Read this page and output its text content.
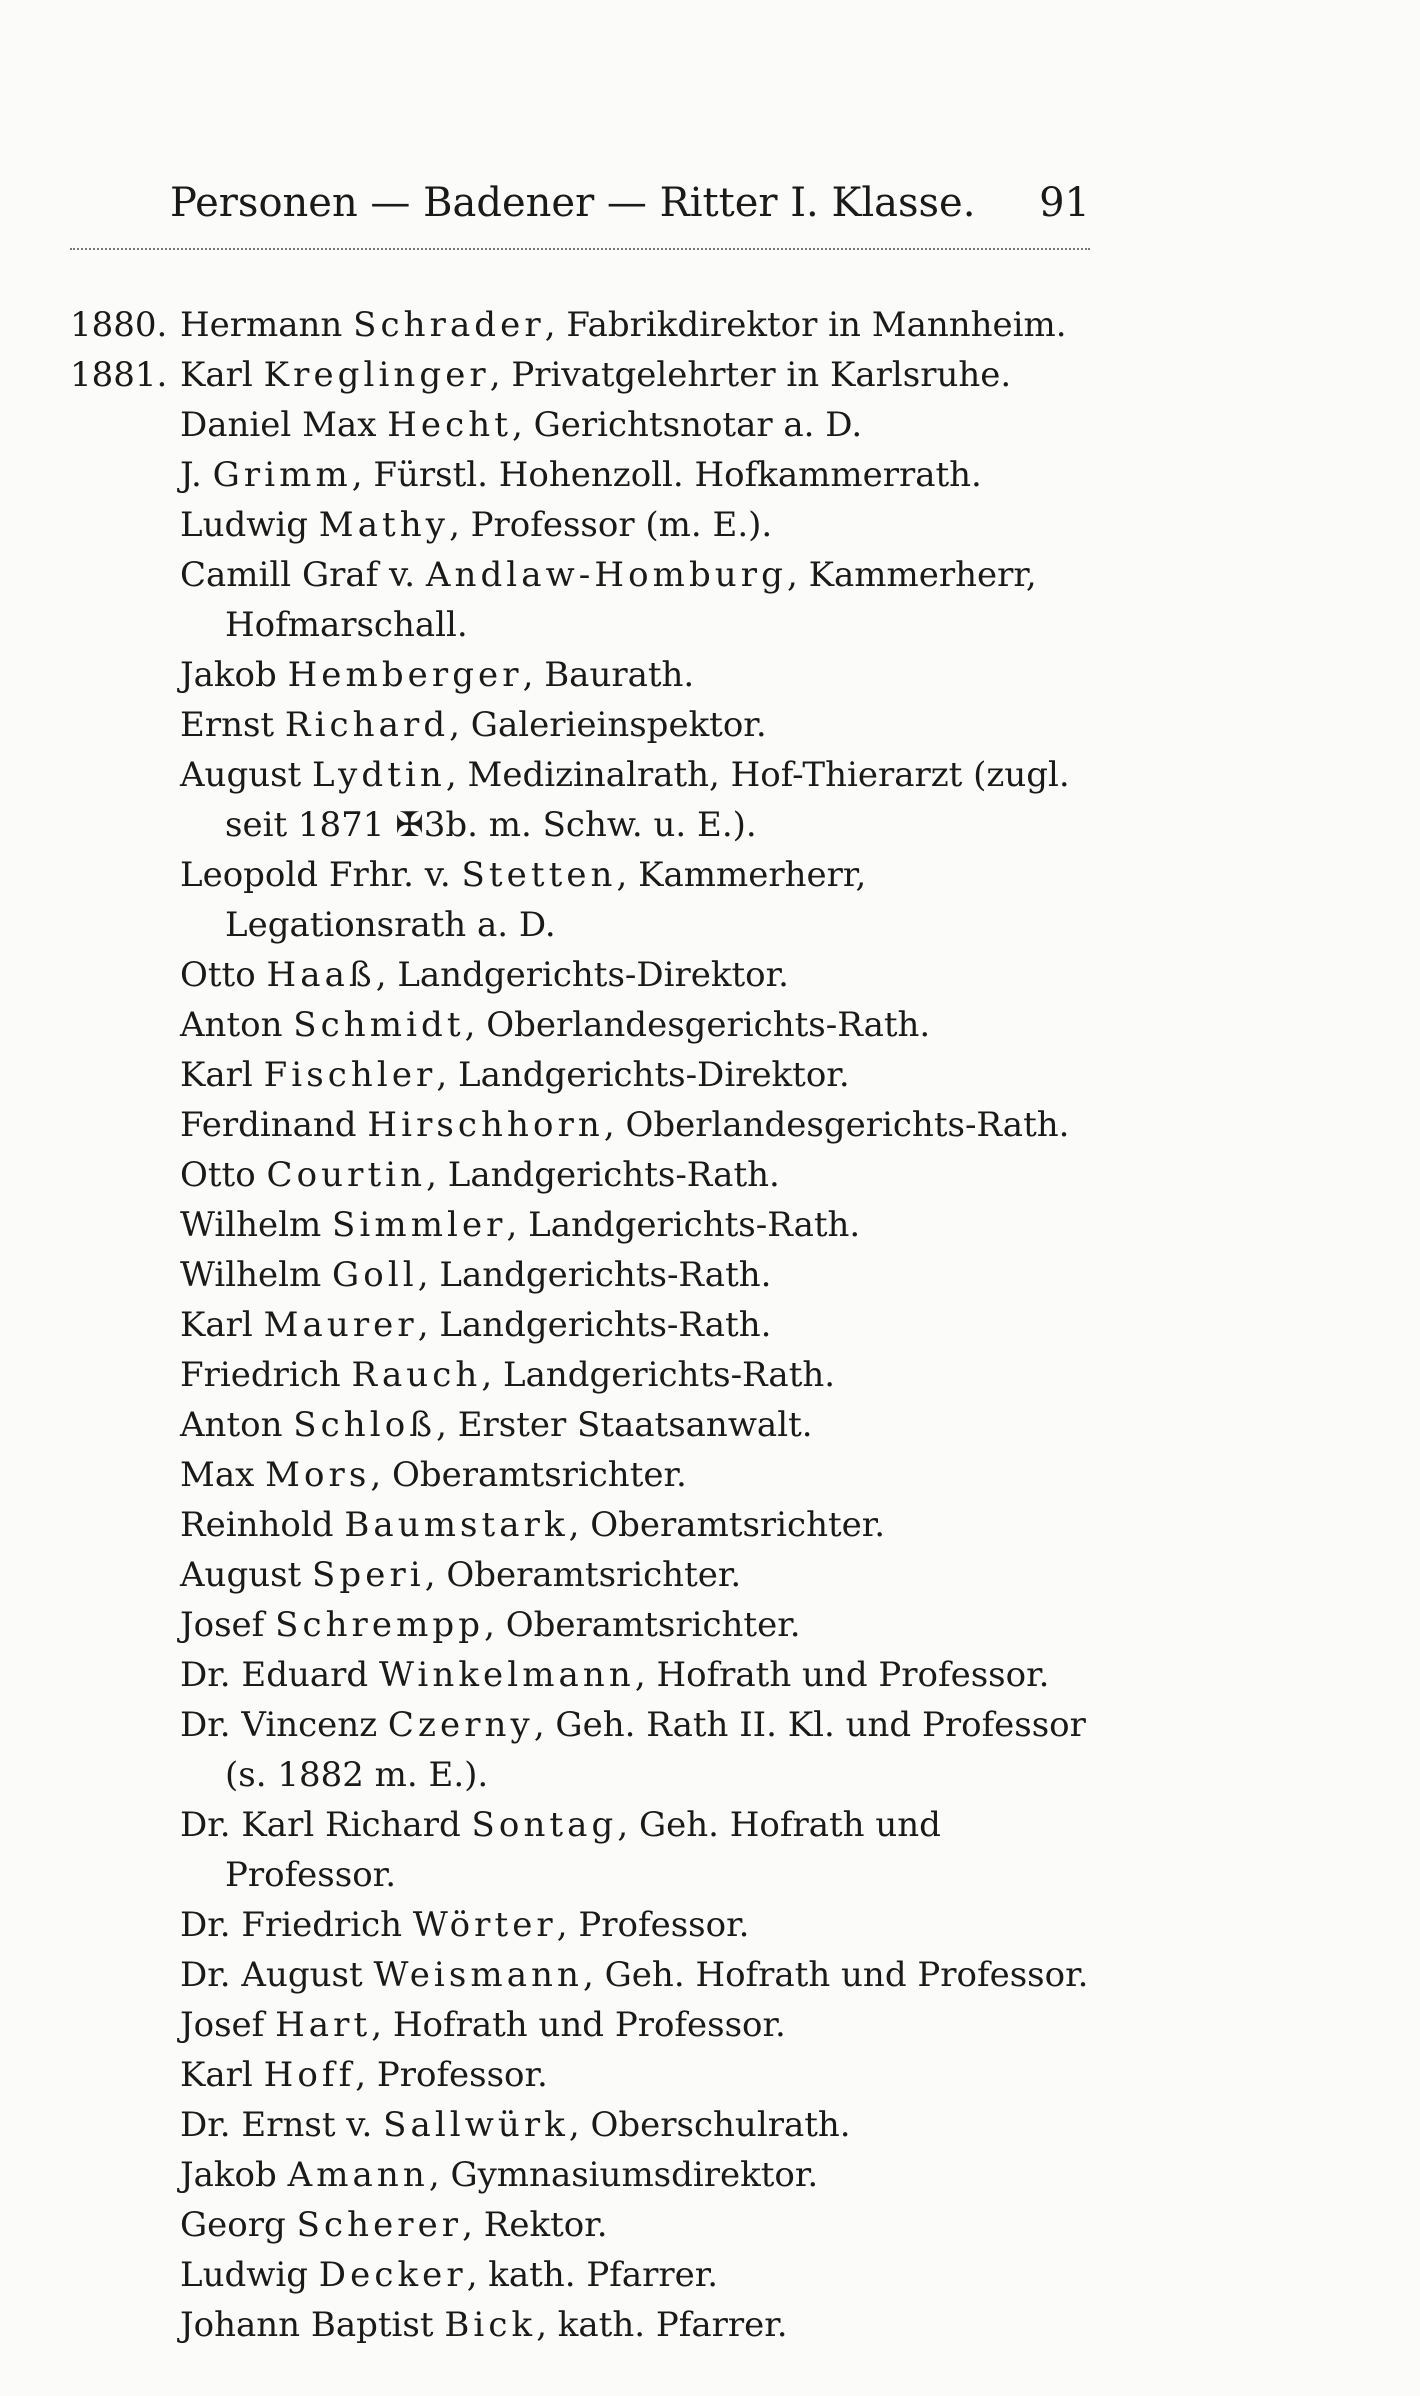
Personen — Badener — Ritter I. Klasse. 91
1880. Hermann Schrader, Fabrikdirektor in Mannheim.
1881. Karl Kreglinger, Privatgelehrter in Karlsruhe.
Daniel Max Hecht, Gerichtsnotar a. D.
J. Grimm, Fürstl. Hohenzoll. Hofkammerrath.
Ludwig Mathy, Professor (m. E.).
Camill Graf v. Andlaw-Homburg, Kammerherr, Hofmarschall.
Jakob Hemberger, Baurath.
Ernst Richard, Galerieinspektor.
August Lydtin, Medizinalrath, Hof-Thierarzt (zugl. seit 1871 ✠3b. m. Schw. u. E.).
Leopold Frhr. v. Stetten, Kammerherr, Legationsrath a. D.
Otto Haaß, Landgerichts-Direktor.
Anton Schmidt, Oberlandesgerichts-Rath.
Karl Fischler, Landgerichts-Direktor.
Ferdinand Hirschhorn, Oberlandesgerichts-Rath.
Otto Courtin, Landgerichts-Rath.
Wilhelm Simmler, Landgerichts-Rath.
Wilhelm Goll, Landgerichts-Rath.
Karl Maurer, Landgerichts-Rath.
Friedrich Rauch, Landgerichts-Rath.
Anton Schloß, Erster Staatsanwalt.
Max Mors, Oberamtsrichter.
Reinhold Baumstark, Oberamtsrichter.
August Speri, Oberamtsrichter.
Josef Schrempp, Oberamtsrichter.
Dr. Eduard Winkelmann, Hofrath und Professor.
Dr. Vincenz Czerny, Geh. Rath II. Kl. und Professor (s. 1882 m. E.).
Dr. Karl Richard Sontag, Geh. Hofrath und Professor.
Dr. Friedrich Wörter, Professor.
Dr. August Weismann, Geh. Hofrath und Professor.
Josef Hart, Hofrath und Professor.
Karl Hoff, Professor.
Dr. Ernst v. Sallwürk, Oberschulrath.
Jakob Amann, Gymnasiumsdirektor.
Georg Scherer, Rektor.
Ludwig Decker, kath. Pfarrer.
Johann Baptist Bick, kath. Pfarrer.
